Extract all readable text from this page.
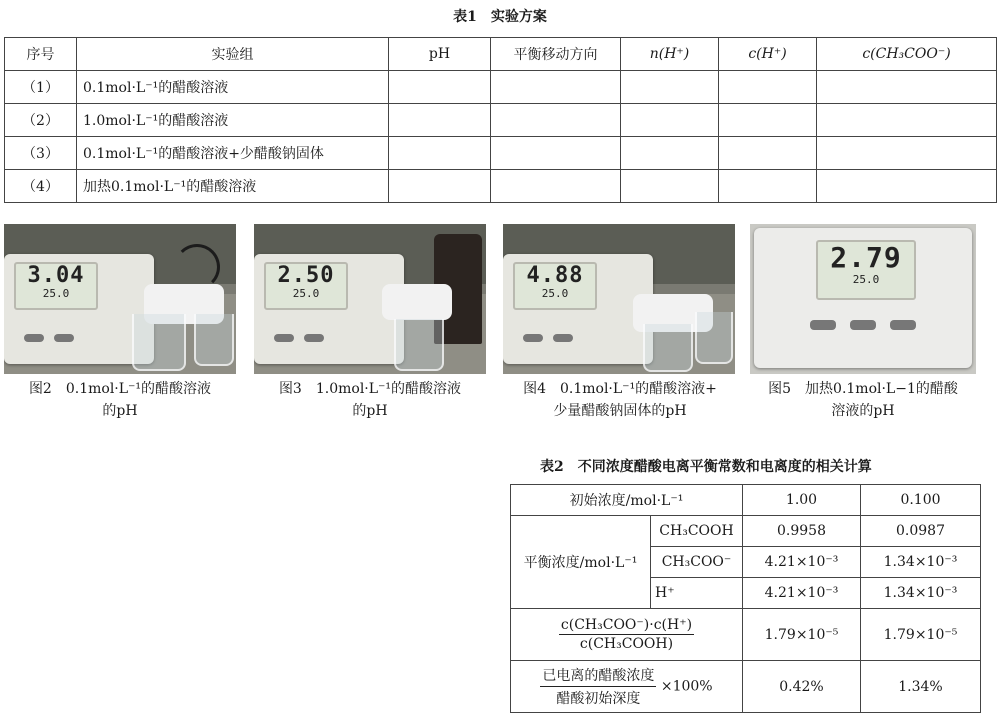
表1　实验方案
序号	实验组	pH	平衡移动方向	n(H⁺)	c(H⁺)	c(CH₃COO⁻)
（1）	0.1mol·L⁻¹的醋酸溶液					
（2）	1.0mol·L⁻¹的醋酸溶液					
（3）	0.1mol·L⁻¹的醋酸溶液+少醋酸钠固体					
（4）	加热0.1mol·L⁻¹的醋酸溶液					
3.04
25.0
2.50
25.0
4.88
25.0
2.79
25.0
图2　0.1mol·L⁻¹的醋酸溶液
的pH
图3　1.0mol·L⁻¹的醋酸溶液
的pH
图4　0.1mol·L⁻¹的醋酸溶液+
少量醋酸钠固体的pH
图5　加热0.1mol·L−1的醋酸
溶液的pH
表2　不同浓度醋酸电离平衡常数和电离度的相关计算
初始浓度/mol·L⁻¹		1.00	0.100
平衡浓度/mol·L⁻¹	CH₃COOH	0.9958	0.0987
	CH₃COO⁻	4.21×10⁻³	1.34×10⁻³
	H⁺	4.21×10⁻³	1.34×10⁻³

$\frac{\text{c(CH₃COO⁻)·c(H⁺)}}{\text{c(CH₃COOH)}}$		1.79×10⁻⁵	1.79×10⁻⁵

$\frac{\text{已电离的醋酸浓度}}{\text{醋酸初始深度}} \times 100\%$		0.42%	1.34%
